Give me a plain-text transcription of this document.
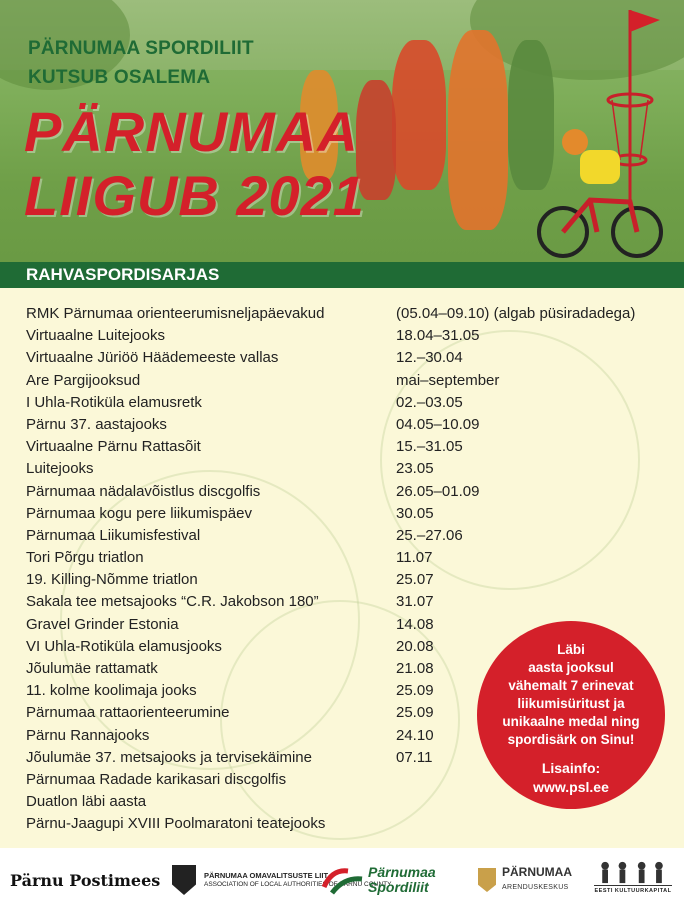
PÄRNUMAA SPORDILIIT
KUTSUB OSALEMA
PÄRNUMAA
LIIGUB 2021
RAHVASPORDISARJAS
RMK Pärnumaa orienteerumisneljapäevakud	(05.04–09.10) (algab püsiradadega)
Virtuaalne Luitejooks	18.04–31.05
Virtuaalne Jüriöö Häädemeeste vallas	12.–30.04
Are Pargijooksud	mai–september
I Uhla-Rotiküla elamusretk	02.–03.05
Pärnu 37. aastajooks	04.05–10.09
Virtuaalne Pärnu Rattasõit	15.–31.05
Luitejooks	23.05
Pärnumaa nädalavõistlus discgolfis	26.05–01.09
Pärnumaa kogu pere liikumispäev	30.05
Pärnumaa Liikumisfestival	25.–27.06
Tori Põrgu triatlon	11.07
19. Killing-Nõmme triatlon	25.07
Sakala tee metsajooks “C.R. Jakobson 180”	31.07
Gravel Grinder Estonia	14.08
VI Uhla-Rotiküla elamusjooks	20.08
Jõulumäe rattamatk	21.08
11. kolme koolimaja jooks	25.09
Pärnumaa rattaorienteerumine	25.09
Pärnu Rannajooks	24.10
Jõulumäe 37. metsajooks ja tervisekäimine	07.11
Pärnumaa Radade karikasari discgolfis
Duatlon läbi aasta
Pärnu-Jaagupi XVIII Poolmaratoni teatejooks
Läbi
aasta jooksul
vähemalt 7 erinevat
liikumisüritust ja
unikaalne medal ning
spordisärk on Sinu!
Lisainfo:
www.psl.ee
Pärnu Postimees	PÄRNUMAA OMAVALITSUSTE LIIT
ASSOCIATION OF LOCAL AUTHORITIES OF PÄRNU COUNTY
Pärnumaa
Spordiliit
PÄRNUMAA
ARENDUSKESKUS	EESTI KULTUURKAPITAL
